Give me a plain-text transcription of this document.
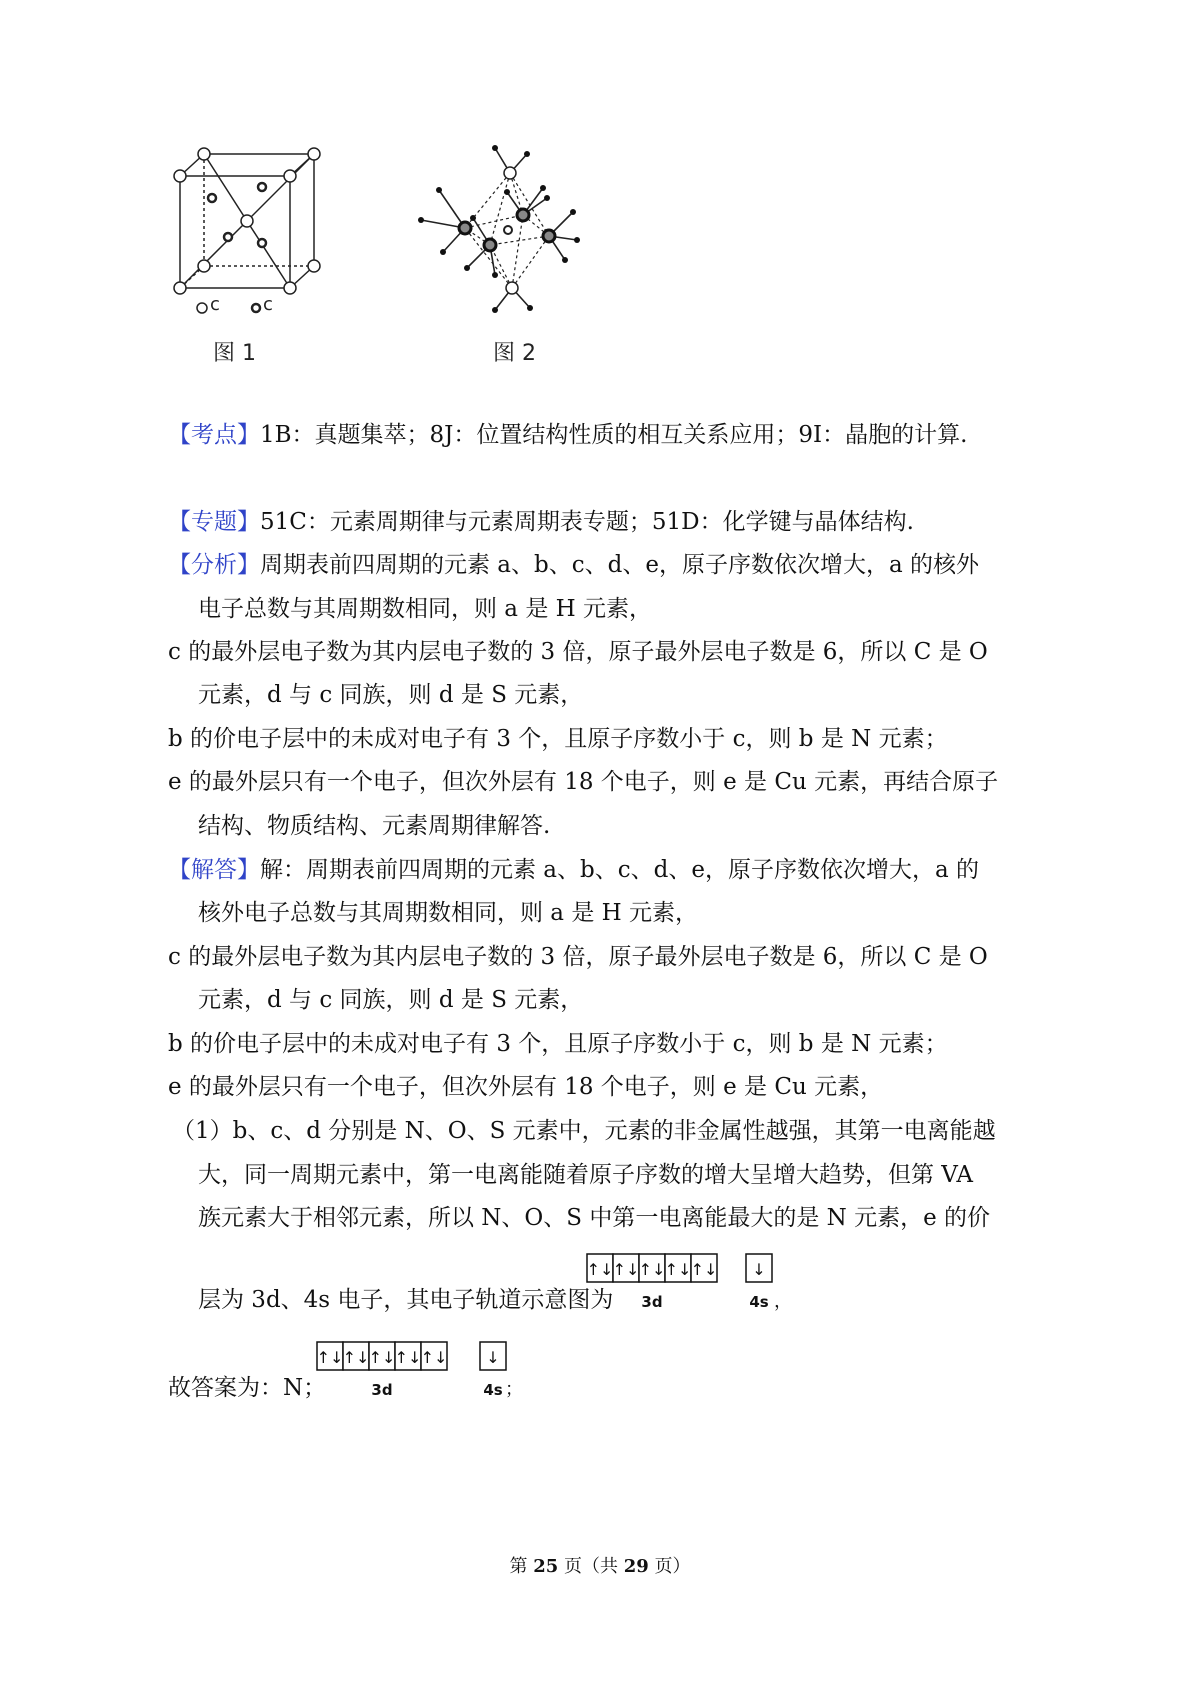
c c
图 1	图 2
【考点】1B：真题集萃；8J：位置结构性质的相互关系应用；9I：晶胞的计算.
【专题】51C：元素周期律与元素周期表专题；51D：化学键与晶体结构.
【分析】周期表前四周期的元素 a、b、c、d、e，原子序数依次增大，a 的核外
电子总数与其周期数相同，则 a 是 H 元素，
c 的最外层电子数为其内层电子数的 3 倍，原子最外层电子数是 6，所以 C 是 O
元素，d 与 c 同族，则 d 是 S 元素，
b 的价电子层中的未成对电子有 3 个，且原子序数小于 c，则 b 是 N 元素；
e 的最外层只有一个电子，但次外层有 18 个电子，则 e 是 Cu 元素，再结合原子
结构、物质结构、元素周期律解答.
【解答】解：周期表前四周期的元素 a、b、c、d、e，原子序数依次增大，a 的
核外电子总数与其周期数相同，则 a 是 H 元素，
c 的最外层电子数为其内层电子数的 3 倍，原子最外层电子数是 6，所以 C 是 O
元素，d 与 c 同族，则 d 是 S 元素，
b 的价电子层中的未成对电子有 3 个，且原子序数小于 c，则 b 是 N 元素；
e 的最外层只有一个电子，但次外层有 18 个电子，则 e 是 Cu 元素，
（1）b、c、d 分别是 N、O、S 元素中，元素的非金属性越强，其第一电离能越
大，同一周期元素中，第一电离能随着原子序数的增大呈增大趋势，但第 VA
族元素大于相邻元素，所以 N、O、S 中第一电离能最大的是 N 元素，e 的价
层为 3d、4s 电子，其电子轨道示意图为
↑↓ ↑↓ ↑↓ ↑↓ ↑↓ ↓
3d	4s ，
故答案为：N；
↑↓ ↑↓ ↑↓ ↑↓ ↑↓ ↓
3d	4s ；
第 25 页（共 29 页）
